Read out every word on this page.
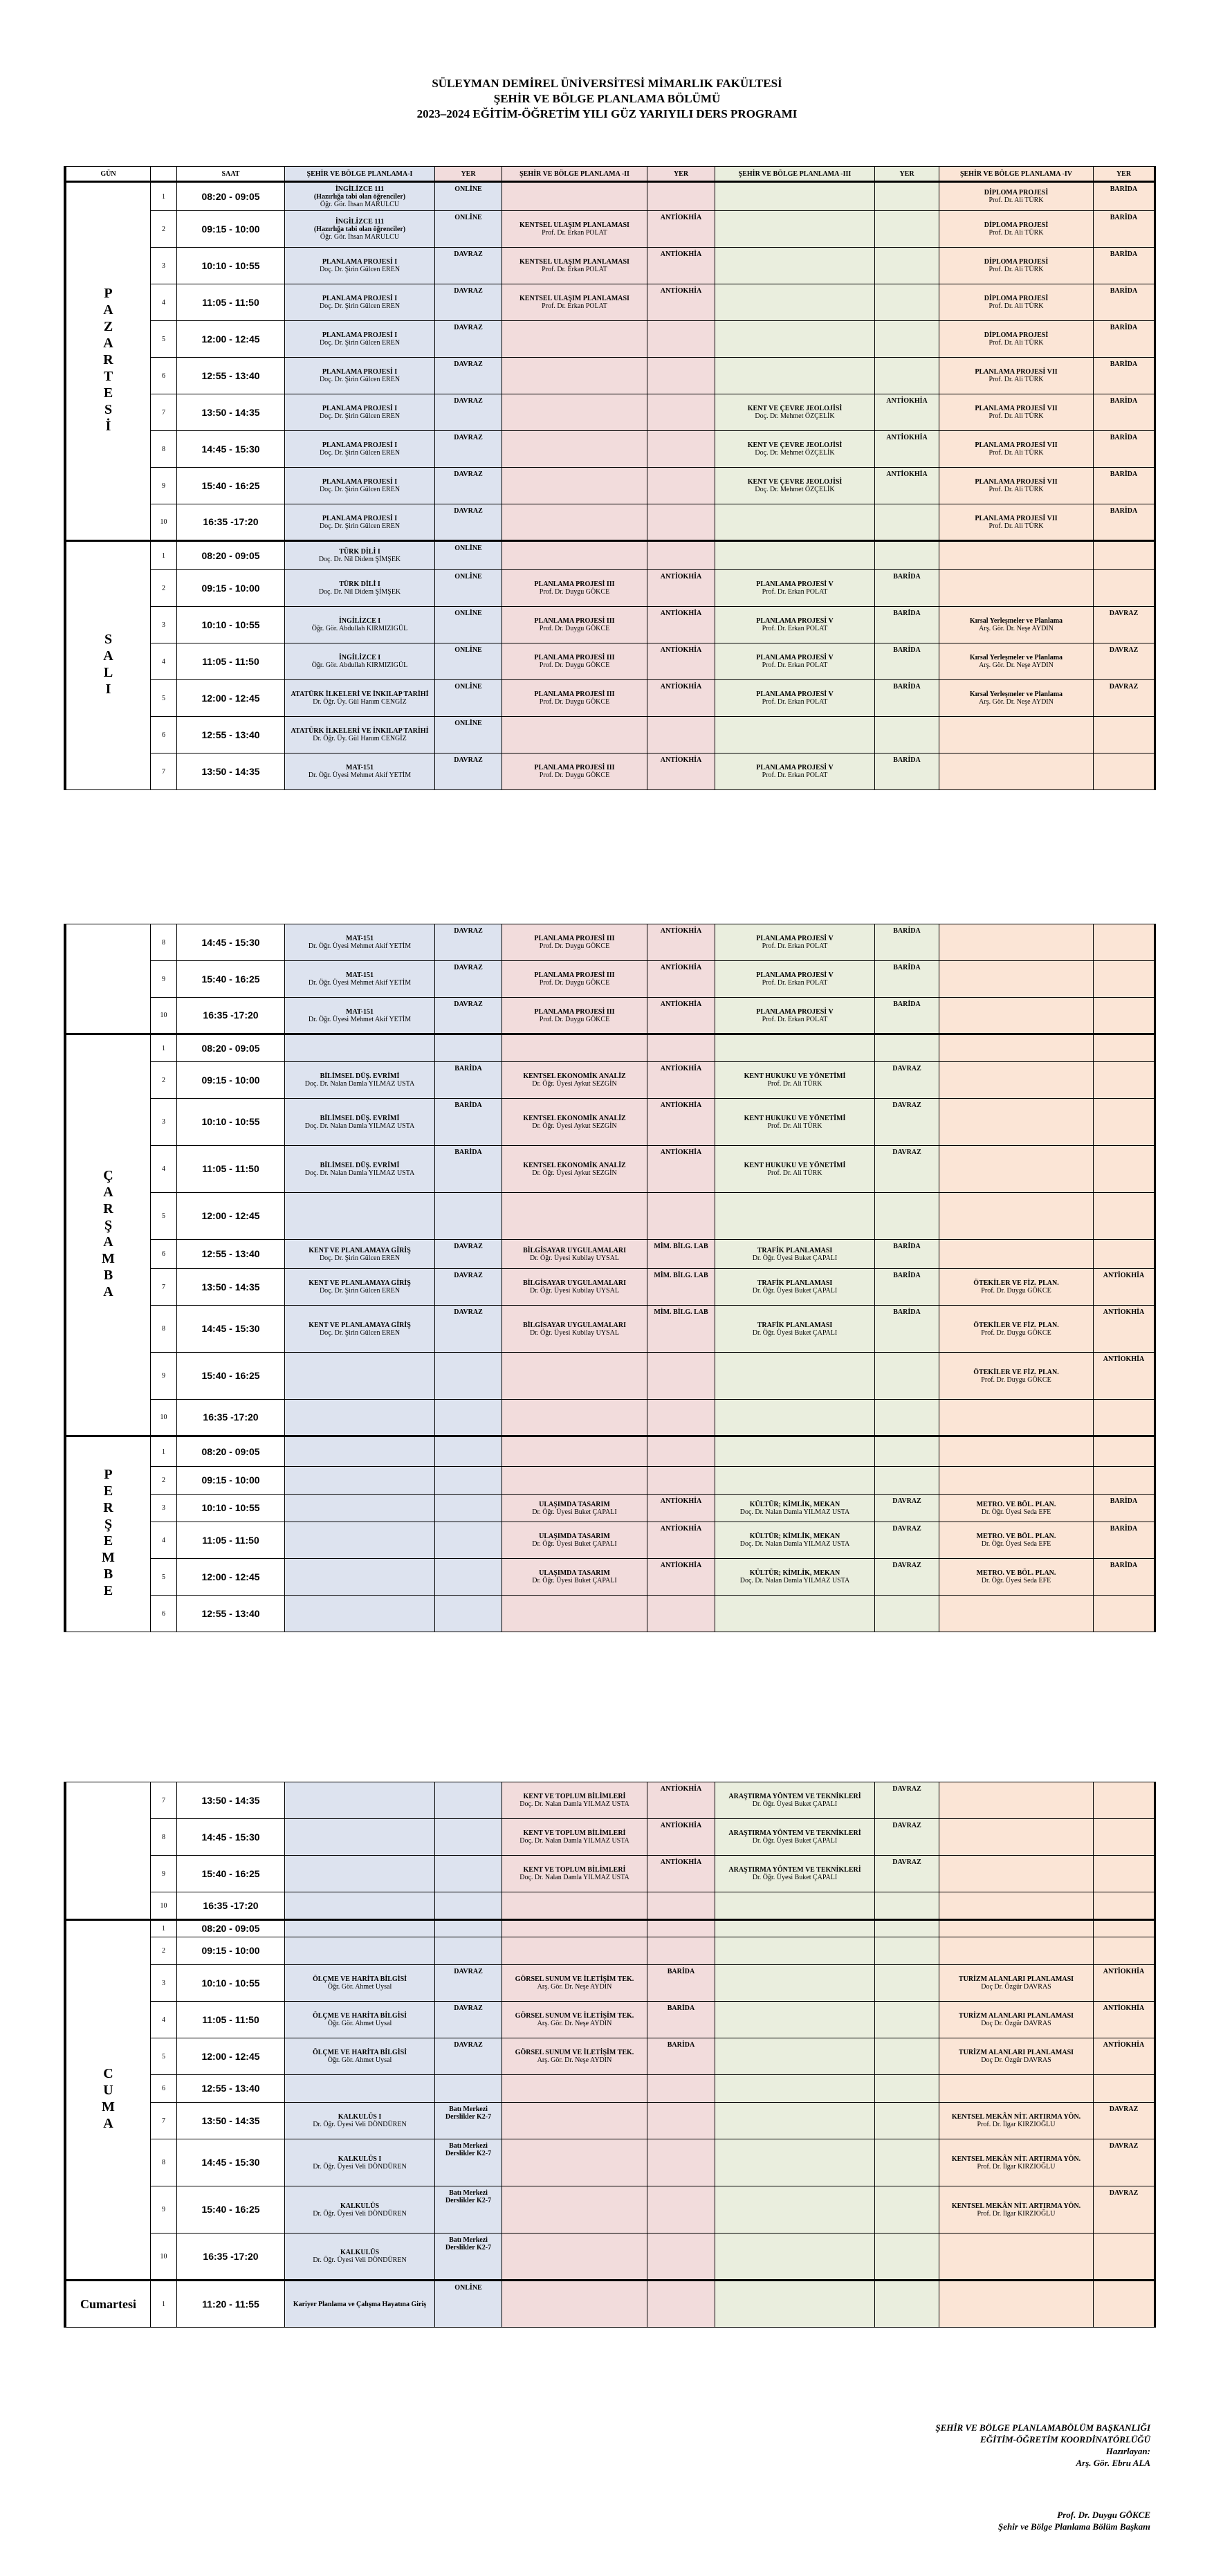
SÜLEYMAN DEMİREL ÜNİVERSİTESİ MİMARLIK FAKÜLTESİ
ŞEHİR VE BÖLGE PLANLAMA BÖLÜMÜ
2023–2024 EĞİTİM-ÖĞRETİM YILI GÜZ YARIYILI DERS PROGRAMI
GÜN		SAAT	ŞEHİR VE BÖLGE PLANLAMA-I	YER	ŞEHİR VE BÖLGE PLANLAMA -II	YER	ŞEHİR VE BÖLGE PLANLAMA -III	YER	ŞEHİR VE BÖLGE PLANLAMA -IV	YER
PAZARTESİ	1	08:20 - 09:05	İNGİLİZCE 111
(Hazırlığa tabi olan öğrenciler)
Öğr. Gör. İhsan MARULCU	ONLİNE					DİPLOMA PROJESİ
Prof. Dr. Ali TÜRK	BARİDA
	2	09:15 - 10:00	İNGİLİZCE 111
(Hazırlığa tabi olan öğrenciler)
Öğr. Gör. İhsan MARULCU	ONLİNE	KENTSEL ULAŞIM PLANLAMASI
Prof. Dr. Erkan POLAT	ANTİOKHİA			DİPLOMA PROJESİ
Prof. Dr. Ali TÜRK	BARİDA
	3	10:10 - 10:55	PLANLAMA PROJESİ I
Doç. Dr. Şirin Gülcen EREN	DAVRAZ	KENTSEL ULAŞIM PLANLAMASI
Prof. Dr. Erkan POLAT	ANTİOKHİA			DİPLOMA PROJESİ
Prof. Dr. Ali TÜRK	BARİDA
	4	11:05 - 11:50	PLANLAMA PROJESİ I
Doç. Dr. Şirin Gülcen EREN	DAVRAZ	KENTSEL ULAŞIM PLANLAMASI
Prof. Dr. Erkan POLAT	ANTİOKHİA			DİPLOMA PROJESİ
Prof. Dr. Ali TÜRK	BARİDA
	5	12:00 - 12:45	PLANLAMA PROJESİ I
Doç. Dr. Şirin Gülcen EREN	DAVRAZ					DİPLOMA PROJESİ
Prof. Dr. Ali TÜRK	BARİDA
	6	12:55 - 13:40	PLANLAMA PROJESİ I
Doç. Dr. Şirin Gülcen EREN	DAVRAZ					PLANLAMA PROJESİ VII
Prof. Dr. Ali TÜRK	BARİDA
	7	13:50 - 14:35	PLANLAMA PROJESİ I
Doç. Dr. Şirin Gülcen EREN	DAVRAZ			KENT VE ÇEVRE JEOLOJİSİ
Doç. Dr. Mehmet ÖZÇELİK	ANTİOKHİA	PLANLAMA PROJESİ VII
Prof. Dr. Ali TÜRK	BARİDA
	8	14:45 - 15:30	PLANLAMA PROJESİ I
Doç. Dr. Şirin Gülcen EREN	DAVRAZ			KENT VE ÇEVRE JEOLOJİSİ
Doç. Dr. Mehmet ÖZÇELİK	ANTİOKHİA	PLANLAMA PROJESİ VII
Prof. Dr. Ali TÜRK	BARİDA
	9	15:40 - 16:25	PLANLAMA PROJESİ I
Doç. Dr. Şirin Gülcen EREN	DAVRAZ			KENT VE ÇEVRE JEOLOJİSİ
Doç. Dr. Mehmet ÖZÇELİK	ANTİOKHİA	PLANLAMA PROJESİ VII
Prof. Dr. Ali TÜRK	BARİDA
	10	16:35 -17:20	PLANLAMA PROJESİ I
Doç. Dr. Şirin Gülcen EREN	DAVRAZ					PLANLAMA PROJESİ VII
Prof. Dr. Ali TÜRK	BARİDA
SALI	1	08:20 - 09:05	TÜRK DİLİ I
Doç. Dr. Nil Didem ŞİMŞEK	ONLİNE	

	2	09:15 - 10:00	TÜRK DİLİ I
Doç. Dr. Nil Didem ŞİMŞEK	ONLİNE	PLANLAMA PROJESİ III
Prof. Dr. Duygu GÖKCE	ANTİOKHİA	PLANLAMA PROJESİ V
Prof. Dr. Erkan POLAT	BARİDA	

	3	10:10 - 10:55	İNGİLİZCE I
Öğr. Gör. Abdullah KIRMIZIGÜL	ONLİNE	PLANLAMA PROJESİ III
Prof. Dr. Duygu GÖKCE	ANTİOKHİA	PLANLAMA PROJESİ V
Prof. Dr. Erkan POLAT	BARİDA	Kırsal Yerleşmeler ve Planlama
Arş. Gör. Dr. Neşe AYDIN	DAVRAZ
	4	11:05 - 11:50	İNGİLİZCE I
Öğr. Gör. Abdullah KIRMIZIGÜL	ONLİNE	PLANLAMA PROJESİ III
Prof. Dr. Duygu GÖKCE	ANTİOKHİA	PLANLAMA PROJESİ V
Prof. Dr. Erkan POLAT	BARİDA	Kırsal Yerleşmeler ve Planlama
Arş. Gör. Dr. Neşe AYDIN	DAVRAZ
	5	12:00 - 12:45	ATATÜRK İLKELERİ VE İNKILAP TARİHİ
Dr. Öğr. Üy. Gül Hanım CENGİZ	ONLİNE	PLANLAMA PROJESİ III
Prof. Dr. Duygu GÖKCE	ANTİOKHİA	PLANLAMA PROJESİ V
Prof. Dr. Erkan POLAT	BARİDA	Kırsal Yerleşmeler ve Planlama
Arş. Gör. Dr. Neşe AYDIN	DAVRAZ
	6	12:55 - 13:40	ATATÜRK İLKELERİ VE İNKILAP TARİHİ
Dr. Öğr. Üy. Gül Hanım CENGİZ	ONLİNE	

	7	13:50 - 14:35	MAT-151
Dr. Öğr. Üyesi Mehmet Akif YETİM	DAVRAZ	PLANLAMA PROJESİ III
Prof. Dr. Duygu GÖKCE	ANTİOKHİA	PLANLAMA PROJESİ V
Prof. Dr. Erkan POLAT	BARİDA	

	8	14:45 - 15:30	MAT-151
Dr. Öğr. Üyesi Mehmet Akif YETİM	DAVRAZ	PLANLAMA PROJESİ III
Prof. Dr. Duygu GÖKCE	ANTİOKHİA	PLANLAMA PROJESİ V
Prof. Dr. Erkan POLAT	BARİDA	

	9	15:40 - 16:25	MAT-151
Dr. Öğr. Üyesi Mehmet Akif YETİM	DAVRAZ	PLANLAMA PROJESİ III
Prof. Dr. Duygu GÖKCE	ANTİOKHİA	PLANLAMA PROJESİ V
Prof. Dr. Erkan POLAT	BARİDA	

	10	16:35 -17:20	MAT-151
Dr. Öğr. Üyesi Mehmet Akif YETİM	DAVRAZ	PLANLAMA PROJESİ III
Prof. Dr. Duygu GÖKCE	ANTİOKHİA	PLANLAMA PROJESİ V
Prof. Dr. Erkan POLAT	BARİDA	

ÇARŞAMBA	1	08:20 - 09:05	

	2	09:15 - 10:00	BİLİMSEL DÜŞ. EVRİMİ
Doç. Dr. Nalan Damla YILMAZ USTA	BARİDA	KENTSEL EKONOMİK ANALİZ
Dr. Öğr. Üyesi Aykut SEZGİN	ANTİOKHİA	KENT HUKUKU VE YÖNETİMİ
Prof. Dr. Ali TÜRK	DAVRAZ	

	3	10:10 - 10:55	BİLİMSEL DÜŞ. EVRİMİ
Doç. Dr. Nalan Damla YILMAZ USTA	BARİDA	KENTSEL EKONOMİK ANALİZ
Dr. Öğr. Üyesi Aykut SEZGİN	ANTİOKHİA	KENT HUKUKU VE YÖNETİMİ
Prof. Dr. Ali TÜRK	DAVRAZ	

	4	11:05 - 11:50	BİLİMSEL DÜŞ. EVRİMİ
Doç. Dr. Nalan Damla YILMAZ USTA	BARİDA	KENTSEL EKONOMİK ANALİZ
Dr. Öğr. Üyesi Aykut SEZGİN	ANTİOKHİA	KENT HUKUKU VE YÖNETİMİ
Prof. Dr. Ali TÜRK	DAVRAZ	

	5	12:00 - 12:45	

	6	12:55 - 13:40	KENT VE PLANLAMAYA GİRİŞ
Doç. Dr. Şirin Gülcen EREN	DAVRAZ	BİLGİSAYAR UYGULAMALARI
Dr. Öğr. Üyesi Kubilay UYSAL	MİM. BİLG. LAB	TRAFİK PLANLAMASI
Dr. Öğr. Üyesi Buket ÇAPALI	BARİDA	

	7	13:50 - 14:35	KENT VE PLANLAMAYA GİRİŞ
Doç. Dr. Şirin Gülcen EREN	DAVRAZ	BİLGİSAYAR UYGULAMALARI
Dr. Öğr. Üyesi Kubilay UYSAL	MİM. BİLG. LAB	TRAFİK PLANLAMASI
Dr. Öğr. Üyesi Buket ÇAPALI	BARİDA	ÖTEKİLER VE FİZ. PLAN.
Prof. Dr. Duygu GÖKCE	ANTİOKHİA
	8	14:45 - 15:30	KENT VE PLANLAMAYA GİRİŞ
Doç. Dr. Şirin Gülcen EREN	DAVRAZ	BİLGİSAYAR UYGULAMALARI
Dr. Öğr. Üyesi Kubilay UYSAL	MİM. BİLG. LAB	TRAFİK PLANLAMASI
Dr. Öğr. Üyesi Buket ÇAPALI	BARİDA	ÖTEKİLER VE FİZ. PLAN.
Prof. Dr. Duygu GÖKCE	ANTİOKHİA
	9	15:40 - 16:25							ÖTEKİLER VE FİZ. PLAN.
Prof. Dr. Duygu GÖKCE	ANTİOKHİA
	10	16:35 -17:20	

PERŞEMBE	1	08:20 - 09:05	

	2	09:15 - 10:00	

	3	10:10 - 10:55			ULAŞIMDA TASARIM
Dr. Öğr. Üyesi Buket ÇAPALI	ANTİOKHİA	KÜLTÜR; KİMLİK, MEKAN
Doç. Dr. Nalan Damla YILMAZ USTA	DAVRAZ	METRO. VE BÖL. PLAN.
Dr. Öğr. Üyesi Seda EFE	BARİDA
	4	11:05 - 11:50			ULAŞIMDA TASARIM
Dr. Öğr. Üyesi Buket ÇAPALI	ANTİOKHİA	KÜLTÜR; KİMLİK, MEKAN
Doç. Dr. Nalan Damla YILMAZ USTA	DAVRAZ	METRO. VE BÖL. PLAN.
Dr. Öğr. Üyesi Seda EFE	BARİDA
	5	12:00 - 12:45			ULAŞIMDA TASARIM
Dr. Öğr. Üyesi Buket ÇAPALI	ANTİOKHİA	KÜLTÜR; KİMLİK, MEKAN
Doç. Dr. Nalan Damla YILMAZ USTA	DAVRAZ	METRO. VE BÖL. PLAN.
Dr. Öğr. Üyesi Seda EFE	BARİDA
	6	12:55 - 13:40	

	7	13:50 - 14:35			KENT VE TOPLUM BİLİMLERİ
Doç. Dr. Nalan Damla YILMAZ USTA	ANTİOKHİA	ARAŞTIRMA YÖNTEM VE TEKNİKLERİ
Dr. Öğr. Üyesi Buket ÇAPALI	DAVRAZ	

	8	14:45 - 15:30			KENT VE TOPLUM BİLİMLERİ
Doç. Dr. Nalan Damla YILMAZ USTA	ANTİOKHİA	ARAŞTIRMA YÖNTEM VE TEKNİKLERİ
Dr. Öğr. Üyesi Buket ÇAPALI	DAVRAZ	

	9	15:40 - 16:25			KENT VE TOPLUM BİLİMLERİ
Doç. Dr. Nalan Damla YILMAZ USTA	ANTİOKHİA	ARAŞTIRMA YÖNTEM VE TEKNİKLERİ
Dr. Öğr. Üyesi Buket ÇAPALI	DAVRAZ	

	10	16:35 -17:20	

CUMA	1	08:20 - 09:05	

	2	09:15 - 10:00	

	3	10:10 - 10:55	ÖLÇME VE HARİTA BİLGİSİ
Öğr. Gör. Ahmet Uysal	DAVRAZ	GÖRSEL SUNUM VE İLETİŞİM TEK.
Arş. Gör. Dr. Neşe AYDIN	BARİDA			TURİZM ALANLARI PLANLAMASI
Doç Dr. Özgür DAVRAS	ANTİOKHİA
	4	11:05 - 11:50	ÖLÇME VE HARİTA BİLGİSİ
Öğr. Gör. Ahmet Uysal	DAVRAZ	GÖRSEL SUNUM VE İLETİŞİM TEK.
Arş. Gör. Dr. Neşe AYDIN	BARİDA			TURİZM ALANLARI PLANLAMASI
Doç Dr. Özgür DAVRAS	ANTİOKHİA
	5	12:00 - 12:45	ÖLÇME VE HARİTA BİLGİSİ
Öğr. Gör. Ahmet Uysal	DAVRAZ	GÖRSEL SUNUM VE İLETİŞİM TEK.
Arş. Gör. Dr. Neşe AYDIN	BARİDA			TURİZM ALANLARI PLANLAMASI
Doç Dr. Özgür DAVRAS	ANTİOKHİA
	6	12:55 - 13:40	

	7	13:50 - 14:35	KALKULÜS I
Dr. Öğr. Üyesi Veli DÖNDÜREN	Batı Merkezi Derslikler K2-7					KENTSEL MEKÂN NİT. ARTIRMA YÖN.
Prof. Dr. İlgar KIRZIOĞLU	DAVRAZ
	8	14:45 - 15:30	KALKULÜS I
Dr. Öğr. Üyesi Veli DÖNDÜREN	Batı Merkezi Derslikler K2-7					KENTSEL MEKÂN NİT. ARTIRMA YÖN.
Prof. Dr. İlgar KIRZIOĞLU	DAVRAZ
	9	15:40 - 16:25	KALKULÜS
Dr. Öğr. Üyesi Veli DÖNDÜREN	Batı Merkezi Derslikler K2-7					KENTSEL MEKÂN NİT. ARTIRMA YÖN.
Prof. Dr. İlgar KIRZIOĞLU	DAVRAZ
	10	16:35 -17:20	KALKULÜS
Dr. Öğr. Üyesi Veli DÖNDÜREN	Batı Merkezi Derslikler K2-7	

Cumartesi	1	11:20 - 11:55	Kariyer Planlama ve Çalışma Hayatına Giriş	ONLİNE	

ŞEHİR VE BÖLGE PLANLAMABÖLÜM BAŞKANLIĞI
EĞİTİM-ÖĞRETİM KOORDİNATÖRLÜĞÜ
Hazırlayan:
Arş. Gör. Ebru ALA
Prof. Dr. Duygu GÖKCE
Şehir ve Bölge Planlama Bölüm Başkanı
